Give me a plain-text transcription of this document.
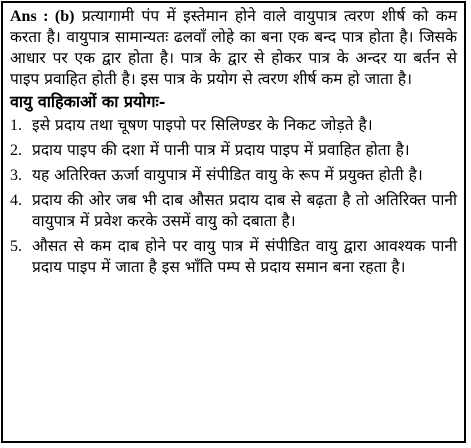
Ans : (b) प्रत्यागामी पंप में इस्तेमान होने वाले वायुपात्र त्वरण शीर्ष को कम करता है। वायुपात्र सामान्यतः ढलवाँ लोहे का बना एक बन्द पात्र होता है। जिसके आधार पर एक द्वार होता है। पात्र के द्वार से होकर पात्र के अन्दर या बर्तन से पाइप प्रवाहित होती है। इस पात्र के प्रयोग से त्वरण शीर्ष कम हो जाता है।

वायु वाहिकाओं का प्रयोगः-
1. इसे प्रदाय तथा चूषण पाइपो पर सिलिण्डर के निकट जोड़ते है।
2. प्रदाय पाइप की दशा में पानी पात्र में प्रदाय पाइप में प्रवाहित होता है।
3. यह अतिरिक्त ऊर्जा वायुपात्र में संपीडित वायु के रूप में प्रयुक्त होती है।
4. प्रदाय की ओर जब भी दाब औसत प्रदाय दाब से बढ़ता है तो अतिरिक्त पानी वायुपात्र में प्रवेश करके उसमें वायु को दबाता है।
5. औसत से कम दाब होने पर वायु पात्र में संपीडित वायु द्वारा आवश्यक पानी प्रदाय पाइप में जाता है इस भाँति पम्प से प्रदाय समान बना रहता है।
